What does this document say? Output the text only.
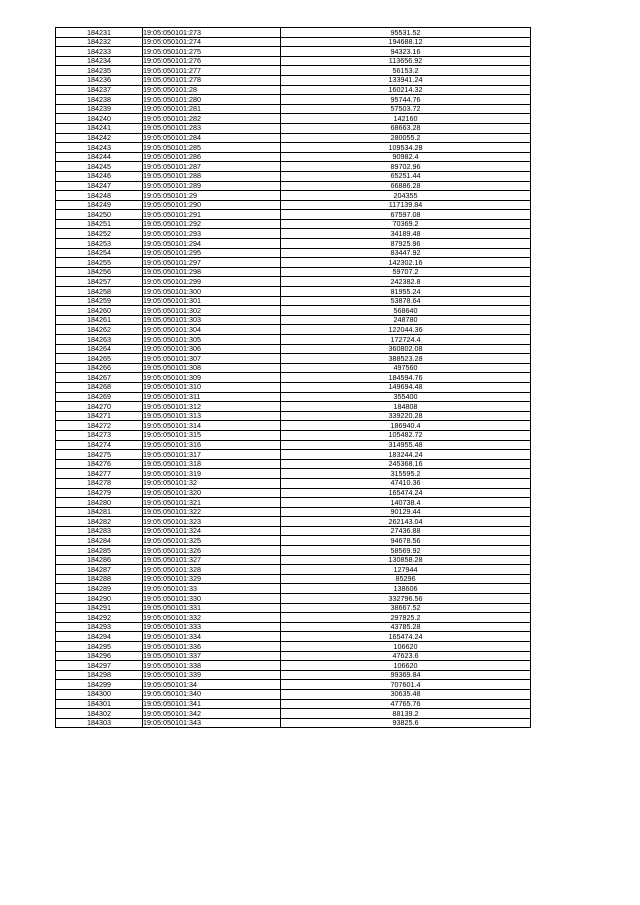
184231	19:05:050101:273	95531.52
184232	19:05:050101:274	194688.12
184233	19:05:050101:275	94323.16
184234	19:05:050101:276	113656.92
184235	19:05:050101:277	56153.2
184236	19:05:050101:278	133941.24
184237	19:05:050101:28	160214.32
184238	19:05:050101:280	95744.76
184239	19:05:050101:281	57503.72
184240	19:05:050101:282	142160
184241	19:05:050101:283	68663.28
184242	19:05:050101:284	280055.2
184243	19:05:050101:285	109534.28
184244	19:05:050101:286	90982.4
184245	19:05:050101:287	89702.96
184246	19:05:050101:288	65251.44
184247	19:05:050101:289	66886.28
184248	19:05:050101:29	204355
184249	19:05:050101:290	117139.84
184250	19:05:050101:291	67597.08
184251	19:05:050101:292	70369.2
184252	19:05:050101:293	34189.48
184253	19:05:050101:294	87925.96
184254	19:05:050101:295	83447.92
184255	19:05:050101:297	142302.16
184256	19:05:050101:298	59707.2
184257	19:05:050101:299	242382.8
184258	19:05:050101:300	81955.24
184259	19:05:050101:301	53878.64
184260	19:05:050101:302	568640
184261	19:05:050101:303	248780
184262	19:05:050101:304	122044.36
184263	19:05:050101:305	172724.4
184264	19:05:050101:306	360802.08
184265	19:05:050101:307	388523.28
184266	19:05:050101:308	497560
184267	19:05:050101:309	184594.76
184268	19:05:050101:310	149694.48
184269	19:05:050101:311	355400
184270	19:05:050101:312	184808
184271	19:05:050101:313	339220.28
184272	19:05:050101:314	186940.4
184273	19:05:050101:315	105482.72
184274	19:05:050101:316	314955.48
184275	19:05:050101:317	183244.24
184276	19:05:050101:318	245368.16
184277	19:05:050101:319	315595.2
184278	19:05:050101:32	47410.36
184279	19:05:050101:320	165474.24
184280	19:05:050101:321	140738.4
184281	19:05:050101:322	90129.44
184282	19:05:050101:323	262143.04
184283	19:05:050101:324	27436.88
184284	19:05:050101:325	94678.56
184285	19:05:050101:326	58569.92
184286	19:05:050101:327	130858.28
184287	19:05:050101:328	127944
184288	19:05:050101:329	85296
184289	19:05:050101:33	138606
184290	19:05:050101:330	332796.56
184291	19:05:050101:331	38667.52
184292	19:05:050101:332	297825.2
184293	19:05:050101:333	43785.28
184294	19:05:050101:334	165474.24
184295	19:05:050101:336	106620
184296	19:05:050101:337	47623.6
184297	19:05:050101:338	106620
184298	19:05:050101:339	99369.84
184299	19:05:050101:34	707601.4
184300	19:05:050101:340	30635.48
184301	19:05:050101:341	47765.76
184302	19:05:050101:342	88139.2
184303	19:05:050101:343	93825.6
